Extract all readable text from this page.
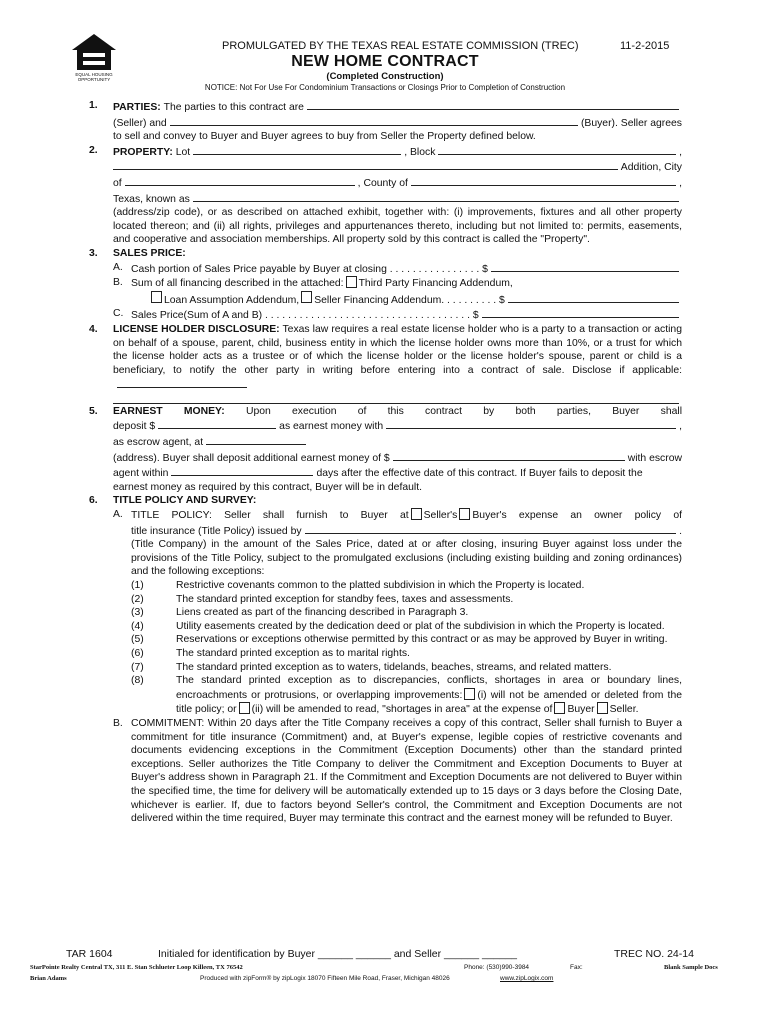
EQUAL HOUSING OPPORTUNITY
PROMULGATED BY THE TEXAS REAL ESTATE COMMISSION (TREC)	11-2-2015
NEW HOME CONTRACT
(Completed Construction)
NOTICE: Not For Use For Condominium Transactions or Closings Prior to Completion of Construction
1. PARTIES:
The parties to this contract are
(Seller) and	(Buyer). Seller agrees
to sell and convey to Buyer and Buyer agrees to buy from Seller the Property defined below.
2. PROPERTY:
Lot	, Block	,
Addition, City
of	, County of	,
Texas, known as
(address/zip code), or as described on attached exhibit, together with: (i) improvements, fixtures and all other property located thereon; and (ii) all rights, privileges and appurtenances thereto, including but not limited to: permits, easements, and cooperative and association memberships. All property sold by this contract is called the "Property".
3. SALES PRICE:
A. Cash portion of Sales Price payable by Buyer at closing . . . . . . . . . . . . . . . . $
B. Sum of all financing described in the attached: Third Party Financing Addendum,
Loan Assumption Addendum, Seller Financing Addendum. . . . . . . . . . $
C. Sales Price(Sum of A and B) . . . . . . . . . . . . . . . . . . . . . . . . . . . . . . . . . . . . $
4. LICENSE HOLDER DISCLOSURE: Texas law requires a real estate license holder who is a party to a transaction or acting on behalf of a spouse, parent, child, business entity in which the license holder owns more than 10%, or a trust for which the license holder acts as a trustee or of which the license holder or the license holder's spouse, parent or child is a beneficiary, to notify the other party in writing before entering into a contract of sale. Disclose if applicable:
5. EARNEST MONEY: Upon execution of this contract by both parties, Buyer shall
deposit $	as earnest money with	,
as escrow agent, at
(address). Buyer shall deposit additional earnest money of $	with escrow
agent within	days after the effective date of this contract. If Buyer fails to deposit the
earnest money as required by this contract, Buyer will be in default.
6. TITLE POLICY AND SURVEY:
A. TITLE POLICY: Seller shall furnish to Buyer at Seller's Buyer's expense an owner policy of
title insurance (Title Policy) issued by	.
(Title Company) in the amount of the Sales Price, dated at or after closing, insuring Buyer against loss under the provisions of the Title Policy, subject to the promulgated exclusions (including existing building and zoning ordinances) and the following exceptions:
(1)	Restrictive covenants common to the platted subdivision in which the Property is located.
(2)	The standard printed exception for standby fees, taxes and assessments.
(3)	Liens created as part of the financing described in Paragraph 3.
(4)	Utility easements created by the dedication deed or plat of the subdivision in which the Property is located.
(5)	Reservations or exceptions otherwise permitted by this contract or as may be approved by Buyer in writing.
(6)	The standard printed exception as to marital rights.
(7)	The standard printed exception as to waters, tidelands, beaches, streams, and related matters.
(8)	The standard printed exception as to discrepancies, conflicts, shortages in area or boundary lines, encroachments or protrusions, or overlapping improvements: (i) will not be amended or deleted from the title policy; or (ii) will be amended to read, "shortages in area" at the expense of Buyer Seller.
B. COMMITMENT: Within 20 days after the Title Company receives a copy of this contract, Seller shall furnish to Buyer a commitment for title insurance (Commitment) and, at Buyer's expense, legible copies of restrictive covenants and documents evidencing exceptions in the Commitment (Exception Documents) other than the standard printed exceptions. Seller authorizes the Title Company to deliver the Commitment and Exception Documents to Buyer at Buyer's address shown in Paragraph 21. If the Commitment and Exception Documents are not delivered to Buyer within the specified time, the time for delivery will be automatically extended up to 15 days or 3 days before the Closing Date, whichever is earlier. If, due to factors beyond Seller's control, the Commitment and Exception Documents are not delivered within the time required, Buyer may terminate this contract and the earnest money will be refunded to Buyer.
TAR 1604	Initialed for identification by Buyer ______ ______ and Seller ______ ______	TREC NO. 24-14
StarPointe Realty Central TX, 311 E. Stan Schlueter Loop Killeen, TX 76542	Phone: (530)990-3984	Fax:	Blank Sample Docs
Brian Adams	Produced with zipForm® by zipLogix 18070 Fifteen Mile Road, Fraser, Michigan 48026	www.zipLogix.com
